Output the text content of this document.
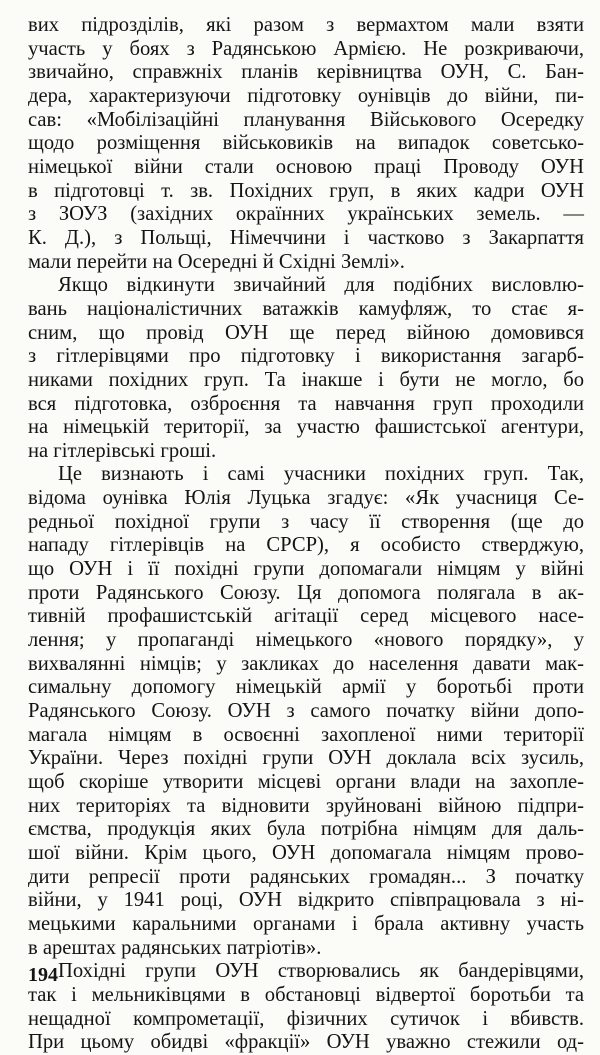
вих підрозділів, які разом з вермахтом мали взяти
участь у боях з Радянською Армією. Не розкриваючи,
звичайно, справжніх планів керівництва ОУН, С. Бан-
дера, характеризуючи підготовку оунівців до війни, пи-
сав: «Мобілізаційні планування Військового Осередку
щодо розміщення військовиків на випадок советсько-
німецької війни стали основою праці Проводу ОУН
в підготовці т. зв. Похідних груп, в яких кадри ОУН
з ЗОУЗ (західних окраїнних українських земель. —
К. Д.), з Польщі, Німеччини і частково з Закарпаття
мали перейти на Осередні й Східні Землі».
Якщо відкинути звичайний для подібних висловлю-
вань націоналістичних ватажків камуфляж, то стає я-
сним, що провід ОУН ще перед війною домовився
з гітлерівцями про підготовку і використання загарб-
никами похідних груп. Та інакше і бути не могло, бо
вся підготовка, озброєння та навчання груп проходили
на німецькій території, за участю фашистської агентури,
на гітлерівські гроші.
Це визнають і самі учасники похідних груп. Так,
відома оунівка Юлія Луцька згадує: «Як учасниця Се-
редньої похідної групи з часу її створення (ще до
нападу гітлерівців на СРСР), я особисто стверджую,
що ОУН і її похідні групи допомагали німцям у війні
проти Радянського Союзу. Ця допомога полягала в ак-
тивній профашистській агітації серед місцевого насе-
лення; у пропаганді німецького «нового порядку», у
вихвалянні німців; у закликах до населення давати мак-
симальну допомогу німецькій армії у боротьбі проти
Радянського Союзу. ОУН з самого початку війни допо-
магала німцям в освоєнні захопленої ними території
України. Через похідні групи ОУН доклала всіх зусиль,
щоб скоріше утворити місцеві органи влади на захопле-
них територіях та відновити зруйновані війною підпри-
ємства, продукція яких була потрібна німцям для даль-
шої війни. Крім цього, ОУН допомагала німцям прово-
дити репресії проти радянських громадян... З початку
війни, у 1941 році, ОУН відкрито співпрацювала з ні-
мецькими каральними органами і брала активну участь
в арештах радянських патріотів».
Похідні групи ОУН створювались як бандерівцями,
так і мельниківцями в обстановці відвертої боротьби та
нещадної компрометації, фізичних сутичок і вбивств.
При цьому обидві «фракції» ОУН уважно стежили од-
194
